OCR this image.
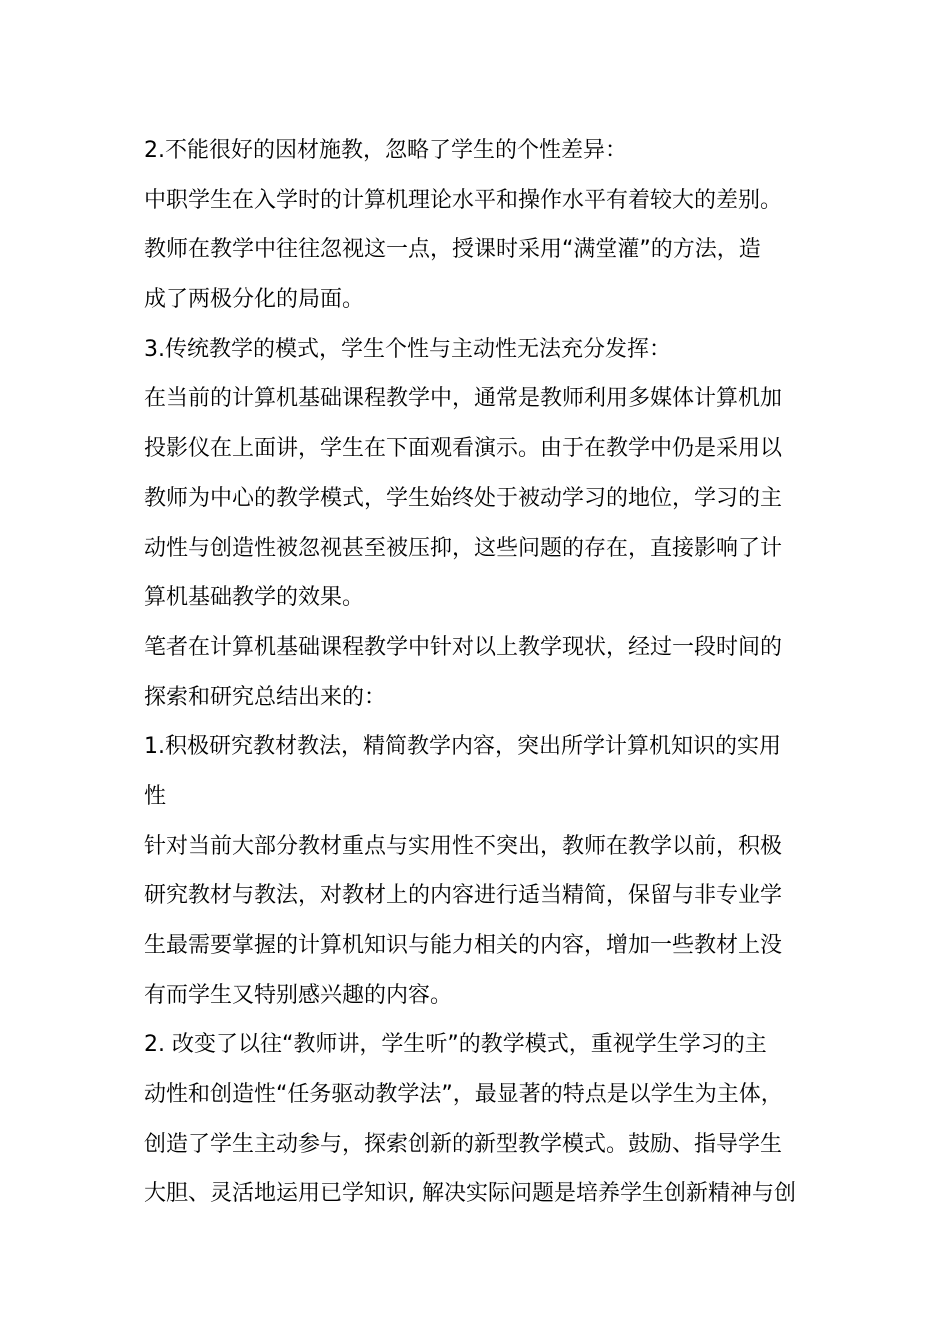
2.不能很好的因材施教，忽略了学生的个性差异：

中职学生在入学时的计算机理论水平和操作水平有着较大的差别。

教师在教学中往往忽视这一点，授课时采用“满堂灌”的方法，造

成了两极分化的局面。

3.传统教学的模式，学生个性与主动性无法充分发挥：

在当前的计算机基础课程教学中，通常是教师利用多媒体计算机加

投影仪在上面讲，学生在下面观看演示。由于在教学中仍是采用以

教师为中心的教学模式，学生始终处于被动学习的地位，学习的主

动性与创造性被忽视甚至被压抑，这些问题的存在，直接影响了计

算机基础教学的效果。

笔者在计算机基础课程教学中针对以上教学现状，经过一段时间的

探索和研究总结出来的：

1.积极研究教材教法，精简教学内容，突出所学计算机知识的实用

性

针对当前大部分教材重点与实用性不突出，教师在教学以前，积极

研究教材与教法，对教材上的内容进行适当精简，保留与非专业学

生最需要掌握的计算机知识与能力相关的内容，增加一些教材上没

有而学生又特别感兴趣的内容。

2. 改变了以往“教师讲，学生听”的教学模式，重视学生学习的主

动性和创造性“任务驱动教学法”，最显著的特点是以学生为主体，

创造了学生主动参与，探索创新的新型教学模式。鼓励、指导学生

大胆、灵活地运用已学知识, 解决实际问题是培养学生创新精神与创
